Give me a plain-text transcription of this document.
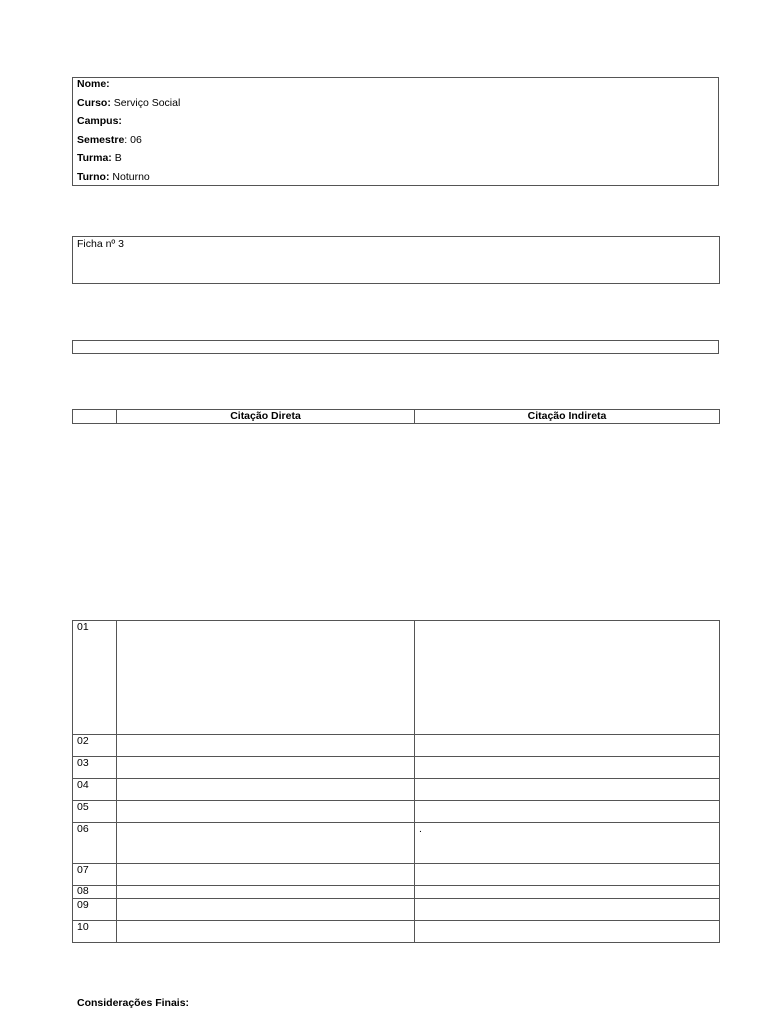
Nome:
Curso: Serviço Social
Campus:
Semestre: 06
Turma: B
Turno: Noturno
Ficha nº 3
	Citação Direta	Citação Indireta
01		
02		
03		
04		
05		
06		.
07		
08		
09		
10		
Considerações Finais:
